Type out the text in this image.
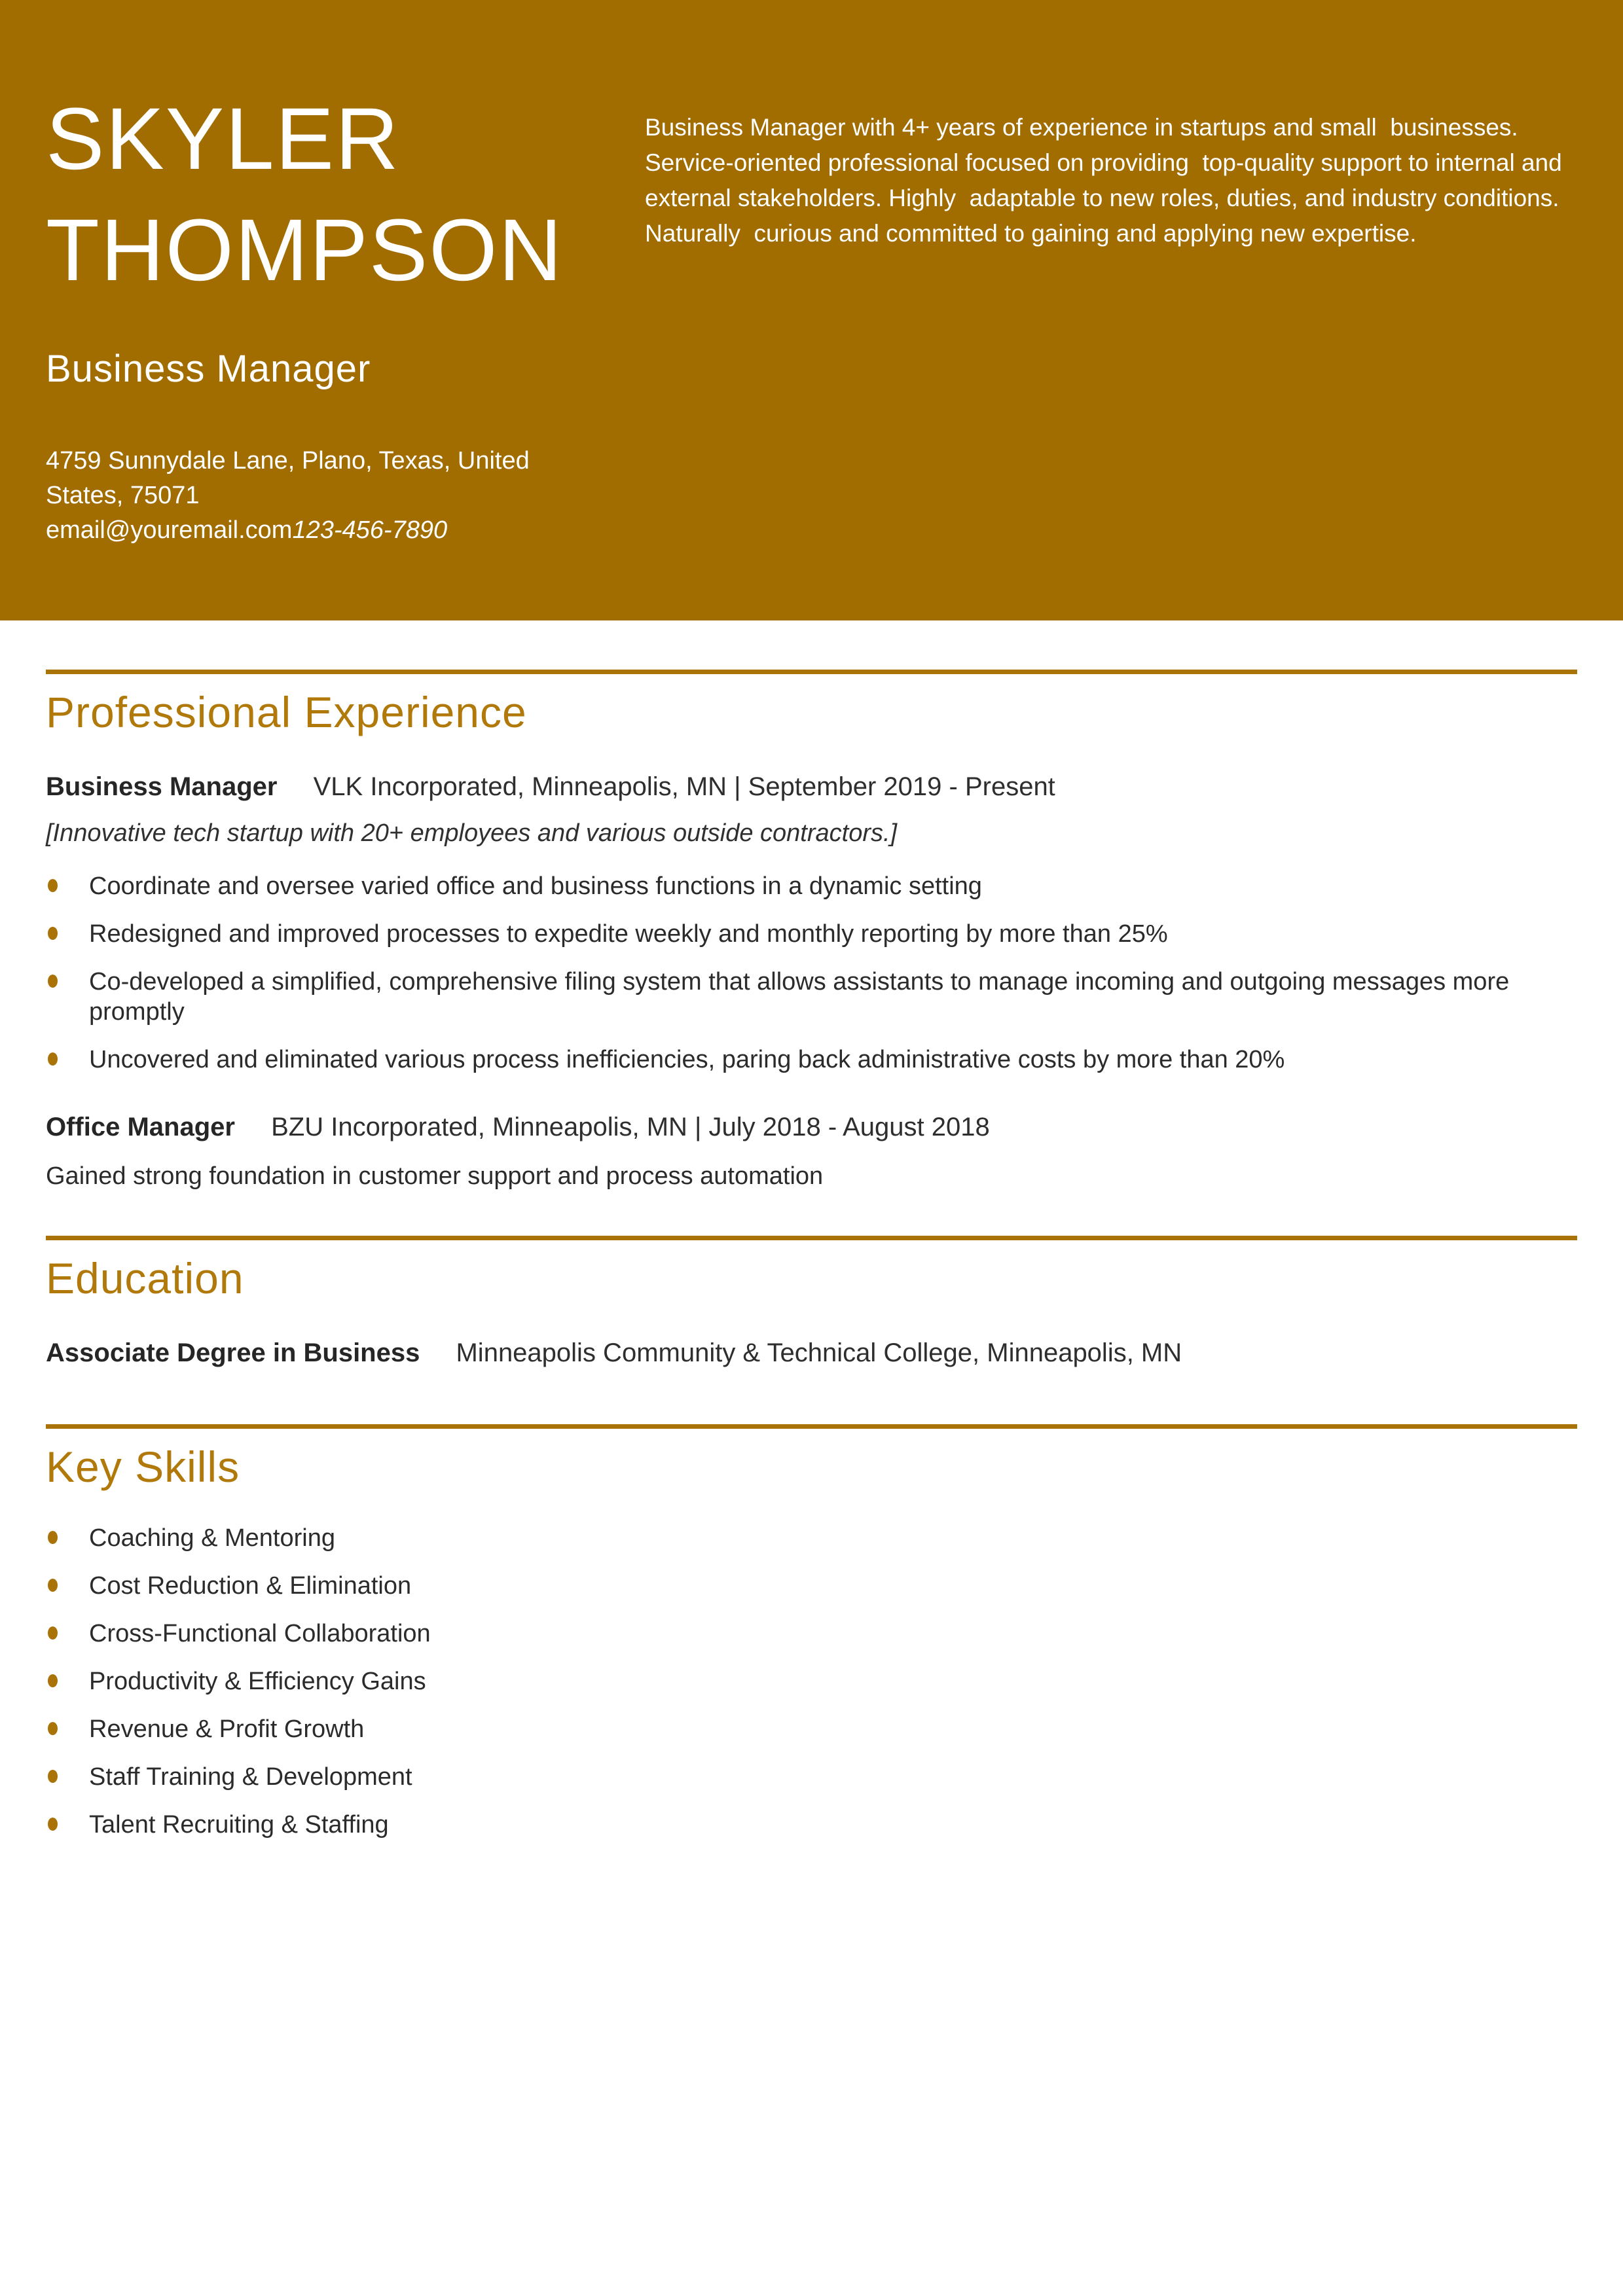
SKYLER
THOMPSON
Business Manager
4759 Sunnydale Lane, Plano, Texas, United
States, 75071
email@youremail.com123-456-7890
Business Manager with 4+ years of experience in startups and small  businesses. Service-oriented professional focused on providing  top-quality support to internal and external stakeholders. Highly  adaptable to new roles, duties, and industry conditions. Naturally  curious and committed to gaining and applying new expertise.
Professional Experience
Business Manager VLK Incorporated, Minneapolis, MN | September 2019 - Present
[Innovative tech startup with 20+ employees and various outside contractors.]
Coordinate and oversee varied office and business functions in a dynamic setting
Redesigned and improved processes to expedite weekly and monthly reporting by more than 25%
Co-developed a simplified, comprehensive filing system that allows assistants to manage incoming and outgoing messages more promptly
Uncovered and eliminated various process inefficiencies, paring back administrative costs by more than 20%
Office Manager BZU Incorporated, Minneapolis, MN | July 2018 - August 2018
Gained strong foundation in customer support and process automation
Education
Associate Degree in Business Minneapolis Community & Technical College, Minneapolis, MN
Key Skills
Coaching & Mentoring
Cost Reduction & Elimination
Cross-Functional Collaboration
Productivity & Efficiency Gains
Revenue & Profit Growth
Staff Training & Development
Talent Recruiting & Staffing
